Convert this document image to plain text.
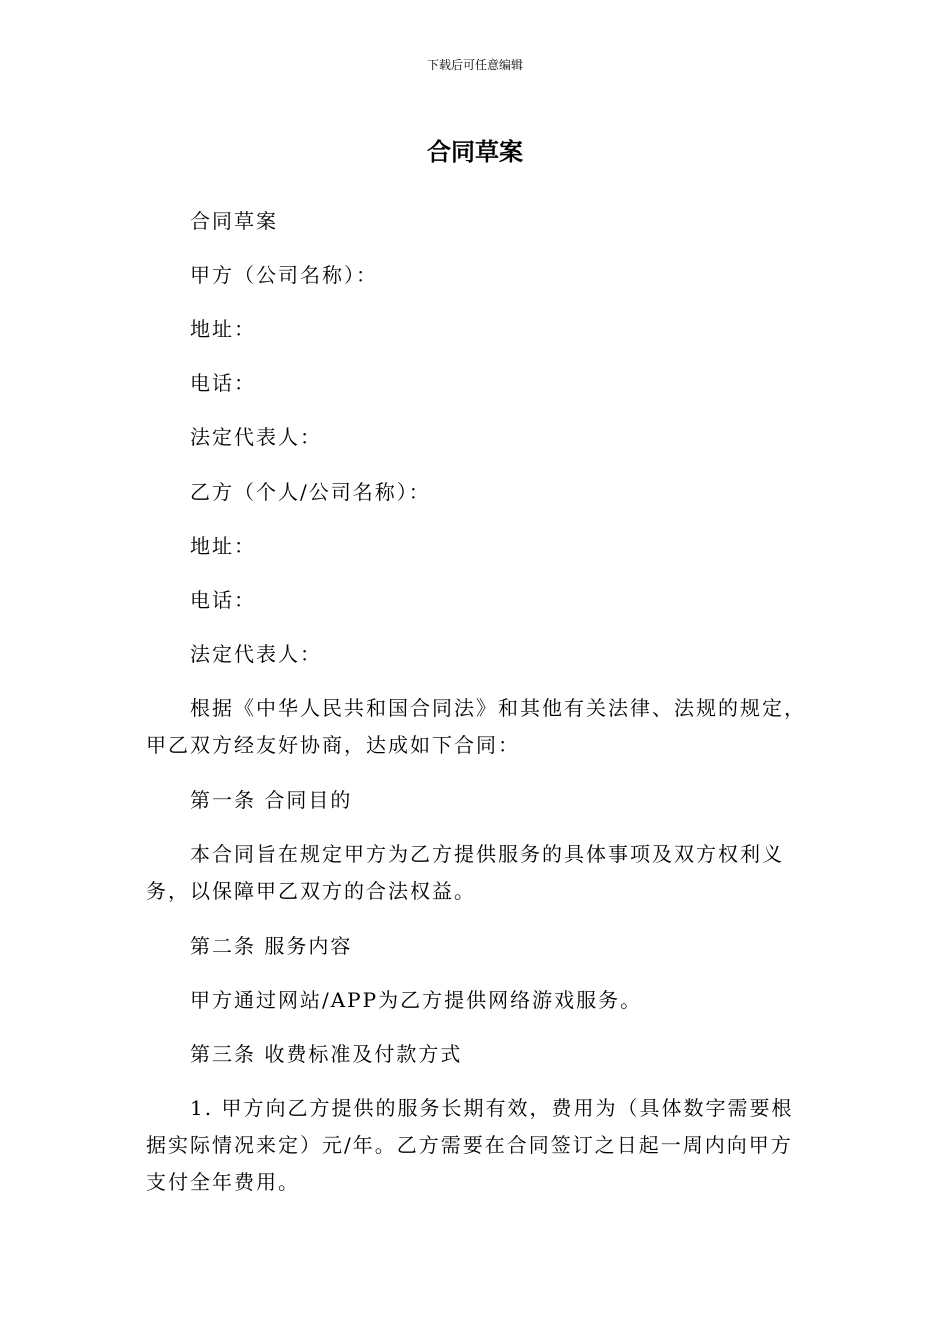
下载后可任意编辑
合同草案

合同草案

甲方（公司名称）：

地址：

电话：

法定代表人：

乙方（个人/公司名称）：

地址：

电话：

法定代表人：

根据《中华人民共和国合同法》和其他有关法律、法规的规定，甲乙双方经友好协商，达成如下合同：

第一条 合同目的

本合同旨在规定甲方为乙方提供服务的具体事项及双方权利义务，以保障甲乙双方的合法权益。

第二条 服务内容

甲方通过网站/APP为乙方提供网络游戏服务。

第三条 收费标准及付款方式

1. 甲方向乙方提供的服务长期有效，费用为（具体数字需要根据实际情况来定）元/年。乙方需要在合同签订之日起一周内向甲方支付全年费用。
